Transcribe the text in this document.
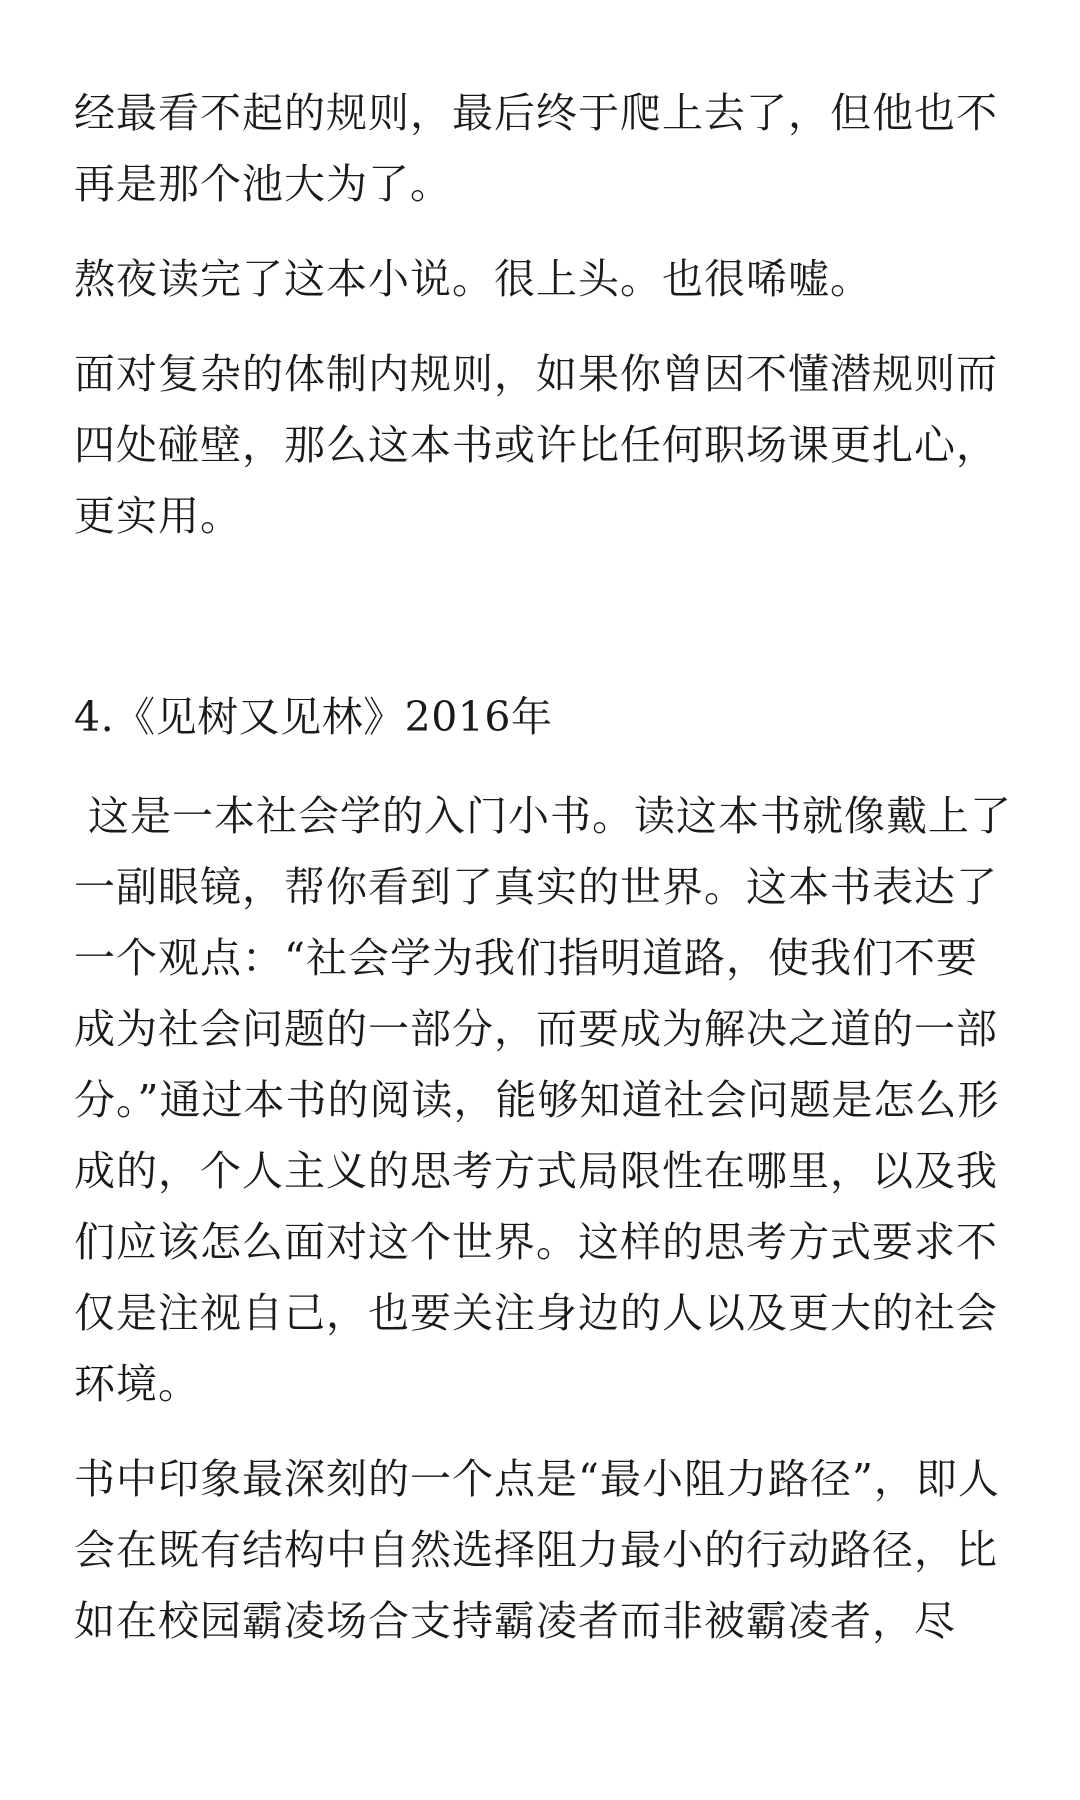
经最看不起的规则，最后终于爬上去了，但他也不再是那个池大为了。

熬夜读完了这本小说。很上头。也很唏嘘。

面对复杂的体制内规则，如果你曾因不懂潜规则而四处碰壁，那么这本书或许比任何职场课更扎心，更实用。

4.《见树又见林》2016年

这是一本社会学的入门小书。读这本书就像戴上了一副眼镜，帮你看到了真实的世界。这本书表达了一个观点：“社会学为我们指明道路，使我们不要成为社会问题的一部分，而要成为解决之道的一部分。”通过本书的阅读，能够知道社会问题是怎么形成的，个人主义的思考方式局限性在哪里，以及我们应该怎么面对这个世界。这样的思考方式要求不仅是注视自己，也要关注身边的人以及更大的社会环境。

书中印象最深刻的一个点是“最小阻力路径”，即人会在既有结构中自然选择阻力最小的行动路径，比如在校园霸凌场合支持霸凌者而非被霸凌者，尽
